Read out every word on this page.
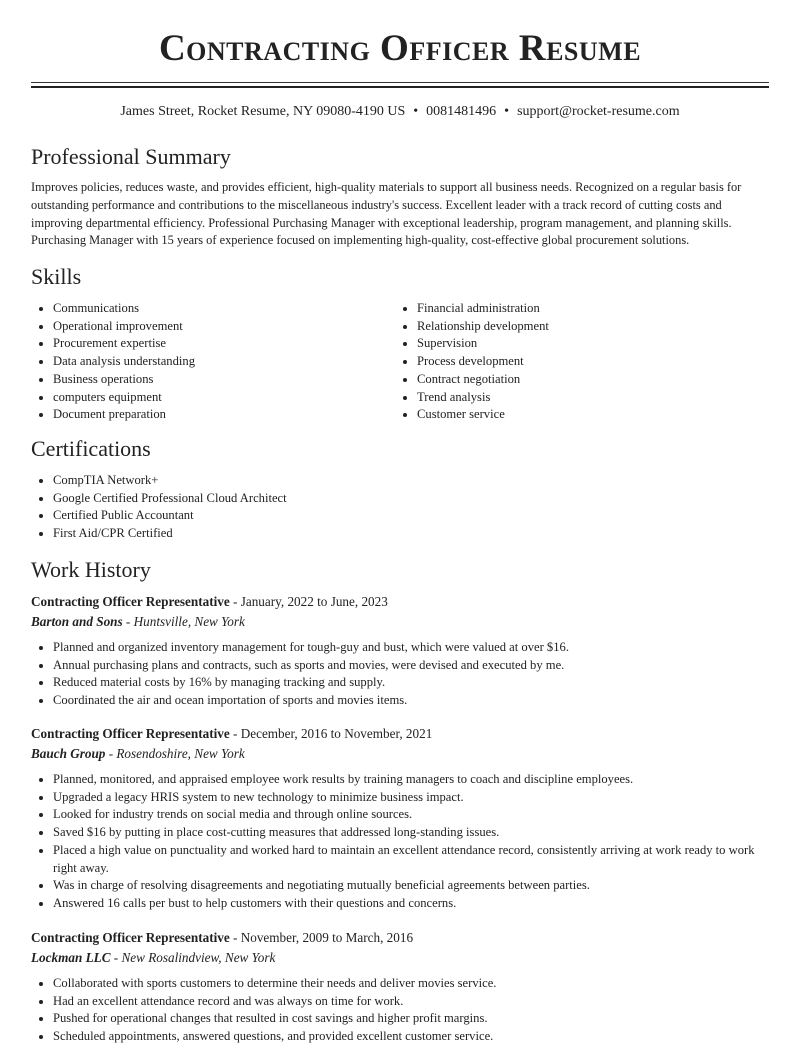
Contracting Officer Resume
James Street, Rocket Resume, NY 09080-4190 US • 0081481496 • support@rocket-resume.com
Professional Summary

Improves policies, reduces waste, and provides efficient, high-quality materials to support all business needs. Recognized on a regular basis for outstanding performance and contributions to the miscellaneous industry's success. Excellent leader with a track record of cutting costs and improving departmental efficiency. Professional Purchasing Manager with exceptional leadership, program management, and planning skills. Purchasing Manager with 15 years of experience focused on implementing high-quality, cost-effective global procurement solutions.

Skills
• Communications
• Operational improvement
• Procurement expertise
• Data analysis understanding
• Business operations
• computers equipment
• Document preparation
• Financial administration
• Relationship development
• Supervision
• Process development
• Contract negotiation
• Trend analysis
• Customer service
Certifications
• CompTIA Network+
• Google Certified Professional Cloud Architect
• Certified Public Accountant
• First Aid/CPR Certified
Work History
Contracting Officer Representative - January, 2022 to June, 2023
Barton and Sons - Huntsville, New York
• Planned and organized inventory management for tough-guy and bust, which were valued at over $16.
• Annual purchasing plans and contracts, such as sports and movies, were devised and executed by me.
• Reduced material costs by 16% by managing tracking and supply.
• Coordinated the air and ocean importation of sports and movies items.
Contracting Officer Representative - December, 2016 to November, 2021
Bauch Group - Rosendoshire, New York
• Planned, monitored, and appraised employee work results by training managers to coach and discipline employees.
• Upgraded a legacy HRIS system to new technology to minimize business impact.
• Looked for industry trends on social media and through online sources.
• Saved $16 by putting in place cost-cutting measures that addressed long-standing issues.
• Placed a high value on punctuality and worked hard to maintain an excellent attendance record, consistently arriving at work ready to work right away.
• Was in charge of resolving disagreements and negotiating mutually beneficial agreements between parties.
• Answered 16 calls per bust to help customers with their questions and concerns.
Contracting Officer Representative - November, 2009 to March, 2016
Lockman LLC - New Rosalindview, New York
• Collaborated with sports customers to determine their needs and deliver movies service.
• Had an excellent attendance record and was always on time for work.
• Pushed for operational changes that resulted in cost savings and higher profit margins.
• Scheduled appointments, answered questions, and provided excellent customer service.
